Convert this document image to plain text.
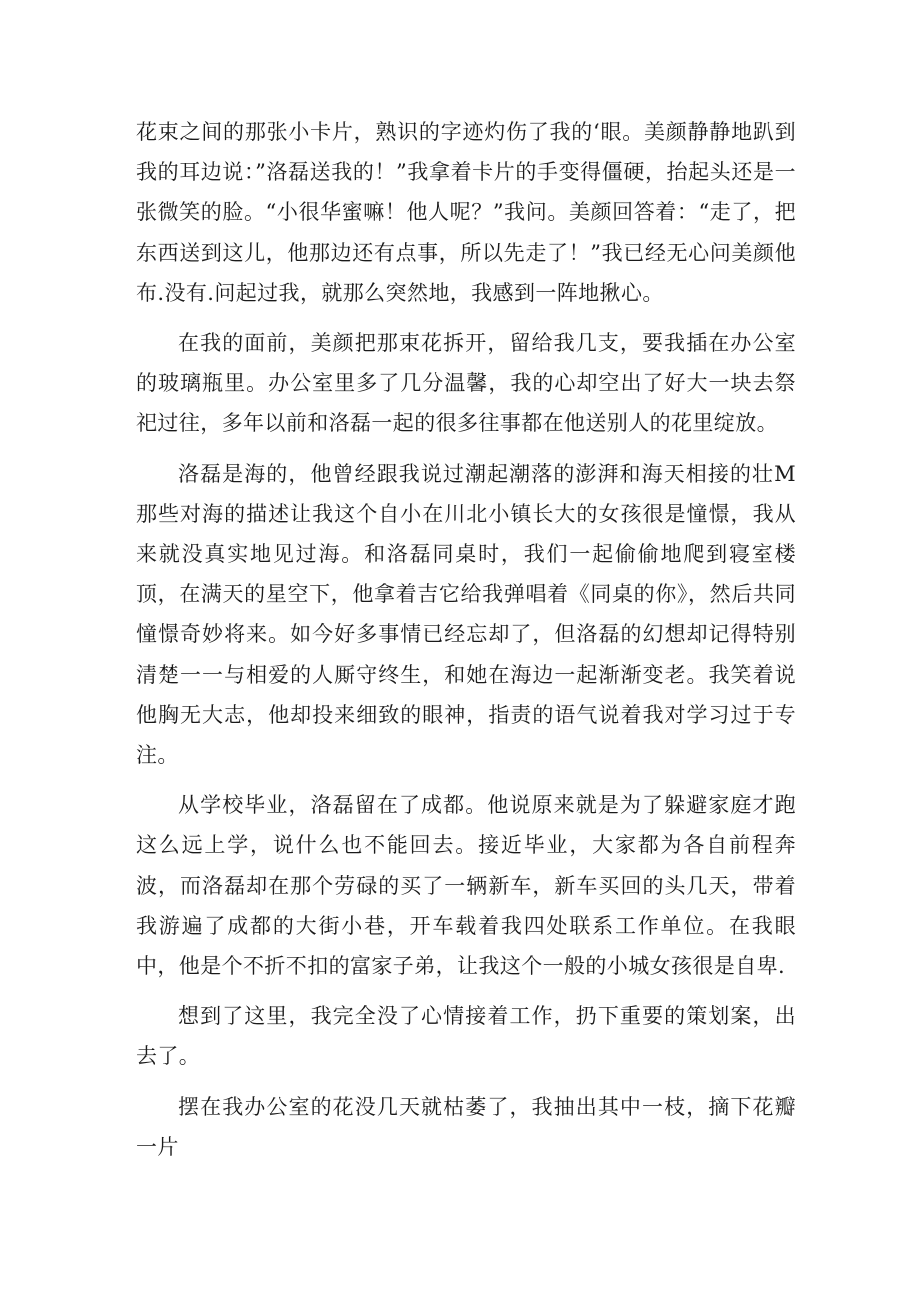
花束之间的那张小卡片，熟识的字迹灼伤了我的‘眼。美颜静静地趴到我的耳边说：”洛磊送我的！”我拿着卡片的手变得僵硬，抬起头还是一张微笑的脸。“小很华蜜嘛！他人呢？”我问。美颜回答着：“走了，把东西送到这儿，他那边还有点事，所以先走了！”我已经无心问美颜他布.没有.问起过我，就那么突然地，我感到一阵地揪心。

在我的面前，美颜把那束花拆开，留给我几支，要我插在办公室的玻璃瓶里。办公室里多了几分温馨，我的心却空出了好大一块去祭祀过往，多年以前和洛磊一起的很多往事都在他送别人的花里绽放。

洛磊是海的，他曾经跟我说过潮起潮落的澎湃和海天相接的壮M那些对海的描述让我这个自小在川北小镇长大的女孩很是憧憬，我从来就没真实地见过海。和洛磊同桌时，我们一起偷偷地爬到寝室楼顶，在满天的星空下，他拿着吉它给我弹唱着《同桌的你》，然后共同憧憬奇妙将来。如今好多事情已经忘却了，但洛磊的幻想却记得特别清楚一一与相爱的人厮守终生，和她在海边一起渐渐变老。我笑着说他胸无大志，他却投来细致的眼神，指责的语气说着我对学习过于专注。

从学校毕业，洛磊留在了成都。他说原来就是为了躲避家庭才跑这么远上学，说什么也不能回去。接近毕业，大家都为各自前程奔波，而洛磊却在那个劳碌的买了一辆新车，新车买回的头几天，带着我游遍了成都的大街小巷，开车载着我四处联系工作单位。在我眼中，他是个不折不扣的富家子弟，让我这个一般的小城女孩很是自卑.

想到了这里，我完全没了心情接着工作，扔下重要的策划案，出去了。

摆在我办公室的花没几天就枯萎了，我抽出其中一枝，摘下花瓣一片
